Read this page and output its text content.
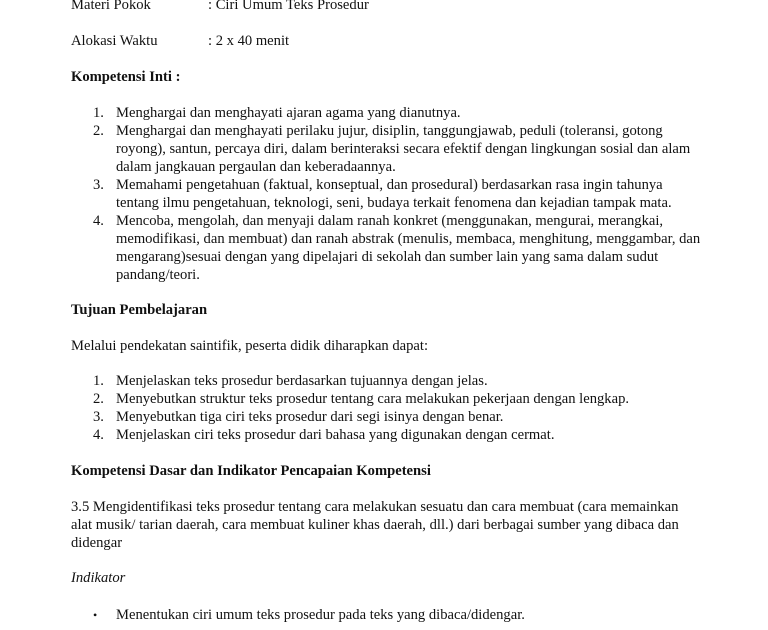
Materi Pokok	: Ciri Umum Teks Prosedur
Alokasi Waktu	: 2 x 40 menit
Kompetensi Inti :
1. Menghargai dan menghayati ajaran agama yang dianutnya.
2. Menghargai dan menghayati perilaku jujur, disiplin, tanggungjawab, peduli (toleransi, gotong royong), santun, percaya diri, dalam berinteraksi secara efektif dengan lingkungan sosial dan alam dalam jangkauan pergaulan dan keberadaannya.
3. Memahami pengetahuan (faktual, konseptual, dan prosedural) berdasarkan rasa ingin tahunya tentang ilmu pengetahuan, teknologi, seni, budaya terkait fenomena dan kejadian tampak mata.
4. Mencoba, mengolah, dan menyaji dalam ranah konkret (menggunakan, mengurai, merangkai, memodifikasi, dan membuat) dan ranah abstrak (menulis, membaca, menghitung, menggambar, dan mengarang)sesuai dengan yang dipelajari di sekolah dan sumber lain yang sama dalam sudut pandang/teori.
Tujuan Pembelajaran
Melalui pendekatan saintifik, peserta didik diharapkan dapat:
1. Menjelaskan teks prosedur berdasarkan tujuannya dengan jelas.
2. Menyebutkan struktur teks prosedur tentang cara melakukan pekerjaan dengan lengkap.
3. Menyebutkan tiga ciri teks prosedur dari segi isinya dengan benar.
4. Menjelaskan ciri teks prosedur dari bahasa yang digunakan dengan cermat.
Kompetensi Dasar dan Indikator Pencapaian Kompetensi
3.5 Mengidentifikasi teks prosedur tentang cara melakukan sesuatu dan cara membuat (cara memainkan alat musik/ tarian daerah, cara membuat kuliner khas daerah, dll.) dari berbagai sumber yang dibaca dan didengar
Indikator
• Menentukan ciri umum teks prosedur pada teks yang dibaca/didengar.
